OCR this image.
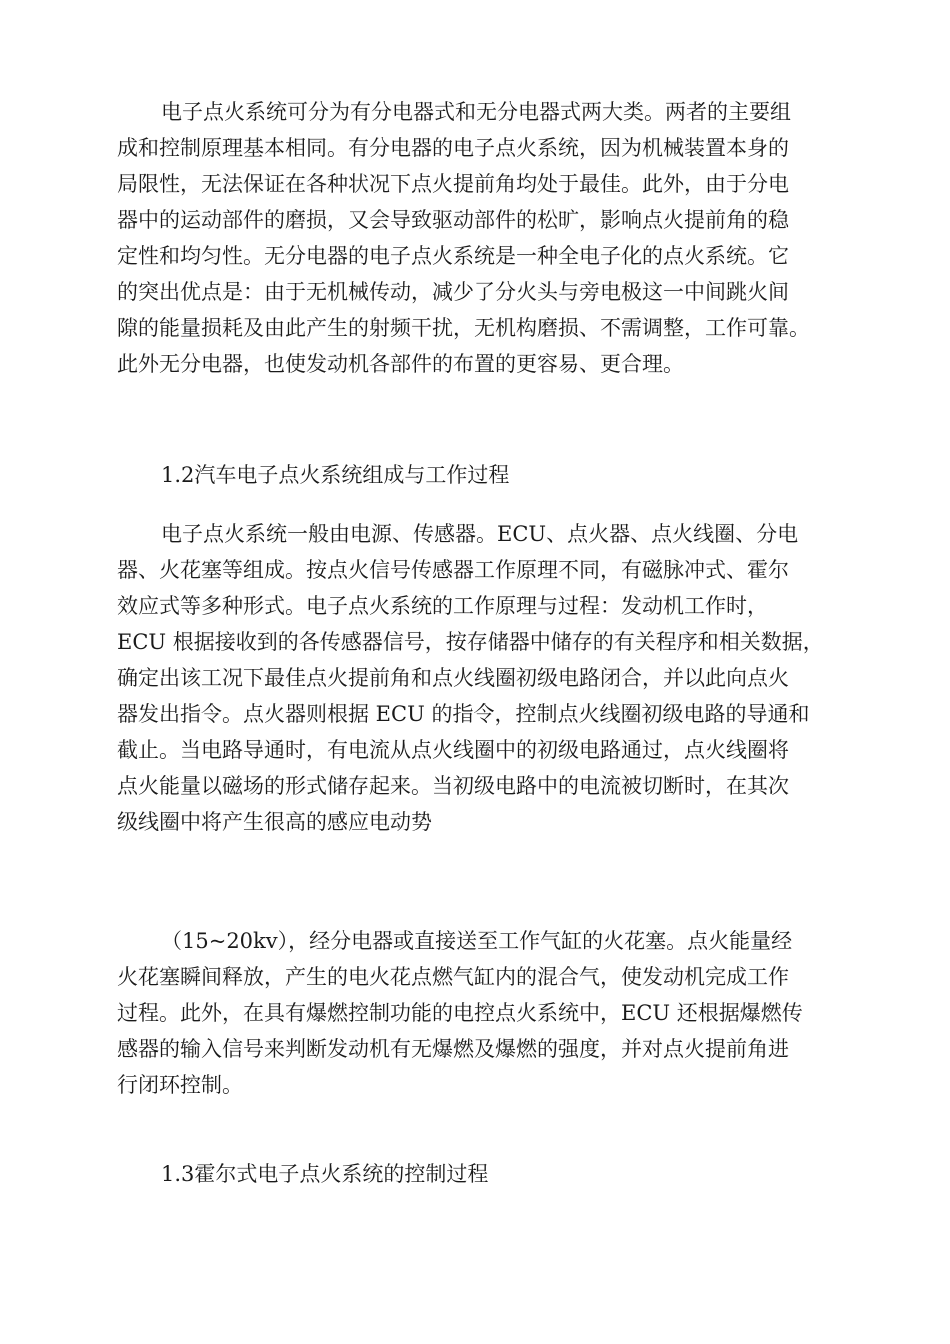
电子点火系统可分为有分电器式和无分电器式两大类。两者的主要组
成和控制原理基本相同。有分电器的电子点火系统，因为机械装置本身的
局限性，无法保证在各种状况下点火提前角均处于最佳。此外，由于分电
器中的运动部件的磨损，又会导致驱动部件的松旷，影响点火提前角的稳
定性和均匀性。无分电器的电子点火系统是一种全电子化的点火系统。它
的突出优点是：由于无机械传动，减少了分火头与旁电极这一中间跳火间
隙的能量损耗及由此产生的射频干扰，无机构磨损、不需调整，工作可靠。
此外无分电器，也使发动机各部件的布置的更容易、更合理。
1.2汽车电子点火系统组成与工作过程
电子点火系统一般由电源、传感器。ECU、点火器、点火线圈、分电
器、火花塞等组成。按点火信号传感器工作原理不同，有磁脉冲式、霍尔
效应式等多种形式。电子点火系统的工作原理与过程：发动机工作时，
ECU 根据接收到的各传感器信号，按存储器中储存的有关程序和相关数据，
确定出该工况下最佳点火提前角和点火线圈初级电路闭合，并以此向点火
器发出指令。点火器则根据 ECU 的指令，控制点火线圈初级电路的导通和
截止。当电路导通时，有电流从点火线圈中的初级电路通过，点火线圈将
点火能量以磁场的形式储存起来。当初级电路中的电流被切断时，在其次
级线圈中将产生很高的感应电动势
（15~20kv），经分电器或直接送至工作气缸的火花塞。点火能量经
火花塞瞬间释放，产生的电火花点燃气缸内的混合气，使发动机完成工作
过程。此外，在具有爆燃控制功能的电控点火系统中，ECU 还根据爆燃传
感器的输入信号来判断发动机有无爆燃及爆燃的强度，并对点火提前角进
行闭环控制。
1.3霍尔式电子点火系统的控制过程
